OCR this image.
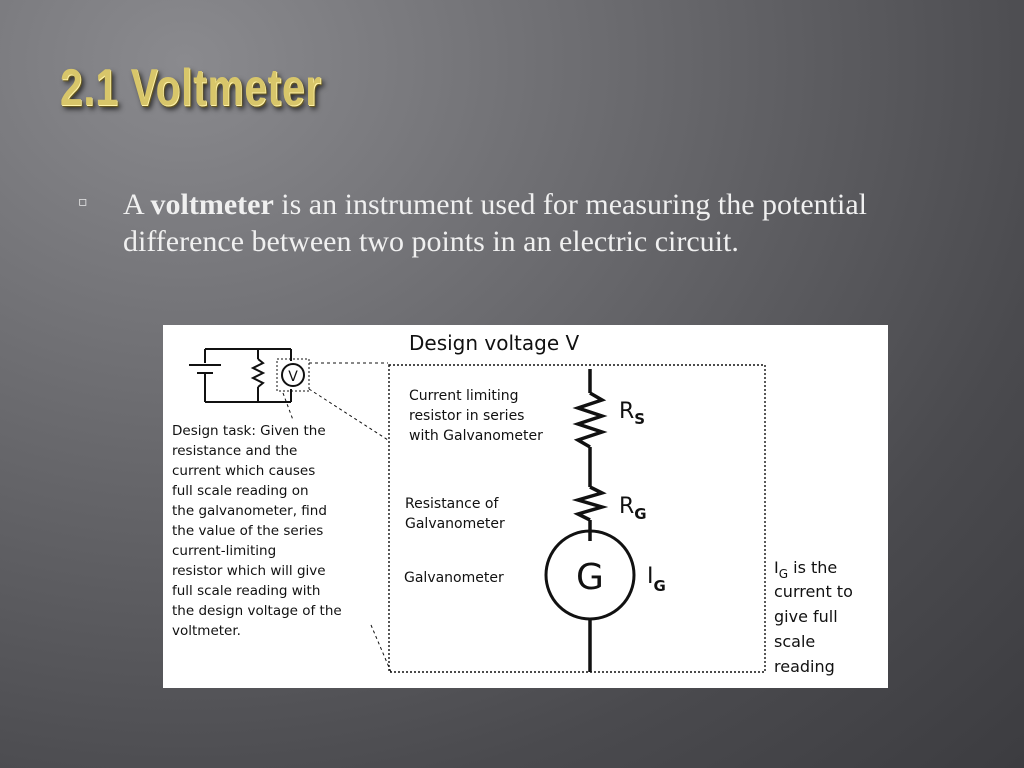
2.1 Voltmeter
▫ A voltmeter is an instrument used for measuring the potential difference between two points in an electric circuit.
Design voltage V
V
G
$R_S$
$R_G$
$I_G$
Design task: Given the
resistance and the
current which causes
full scale reading on
the galvanometer, find
the value of the series
current-limiting
resistor which will give
full scale reading with
the design voltage of the
voltmeter.
Current limiting
resistor in series
with Galvanometer
Resistance of
Galvanometer
Galvanometer
$I_G$ is the
current to
give full
scale
reading
